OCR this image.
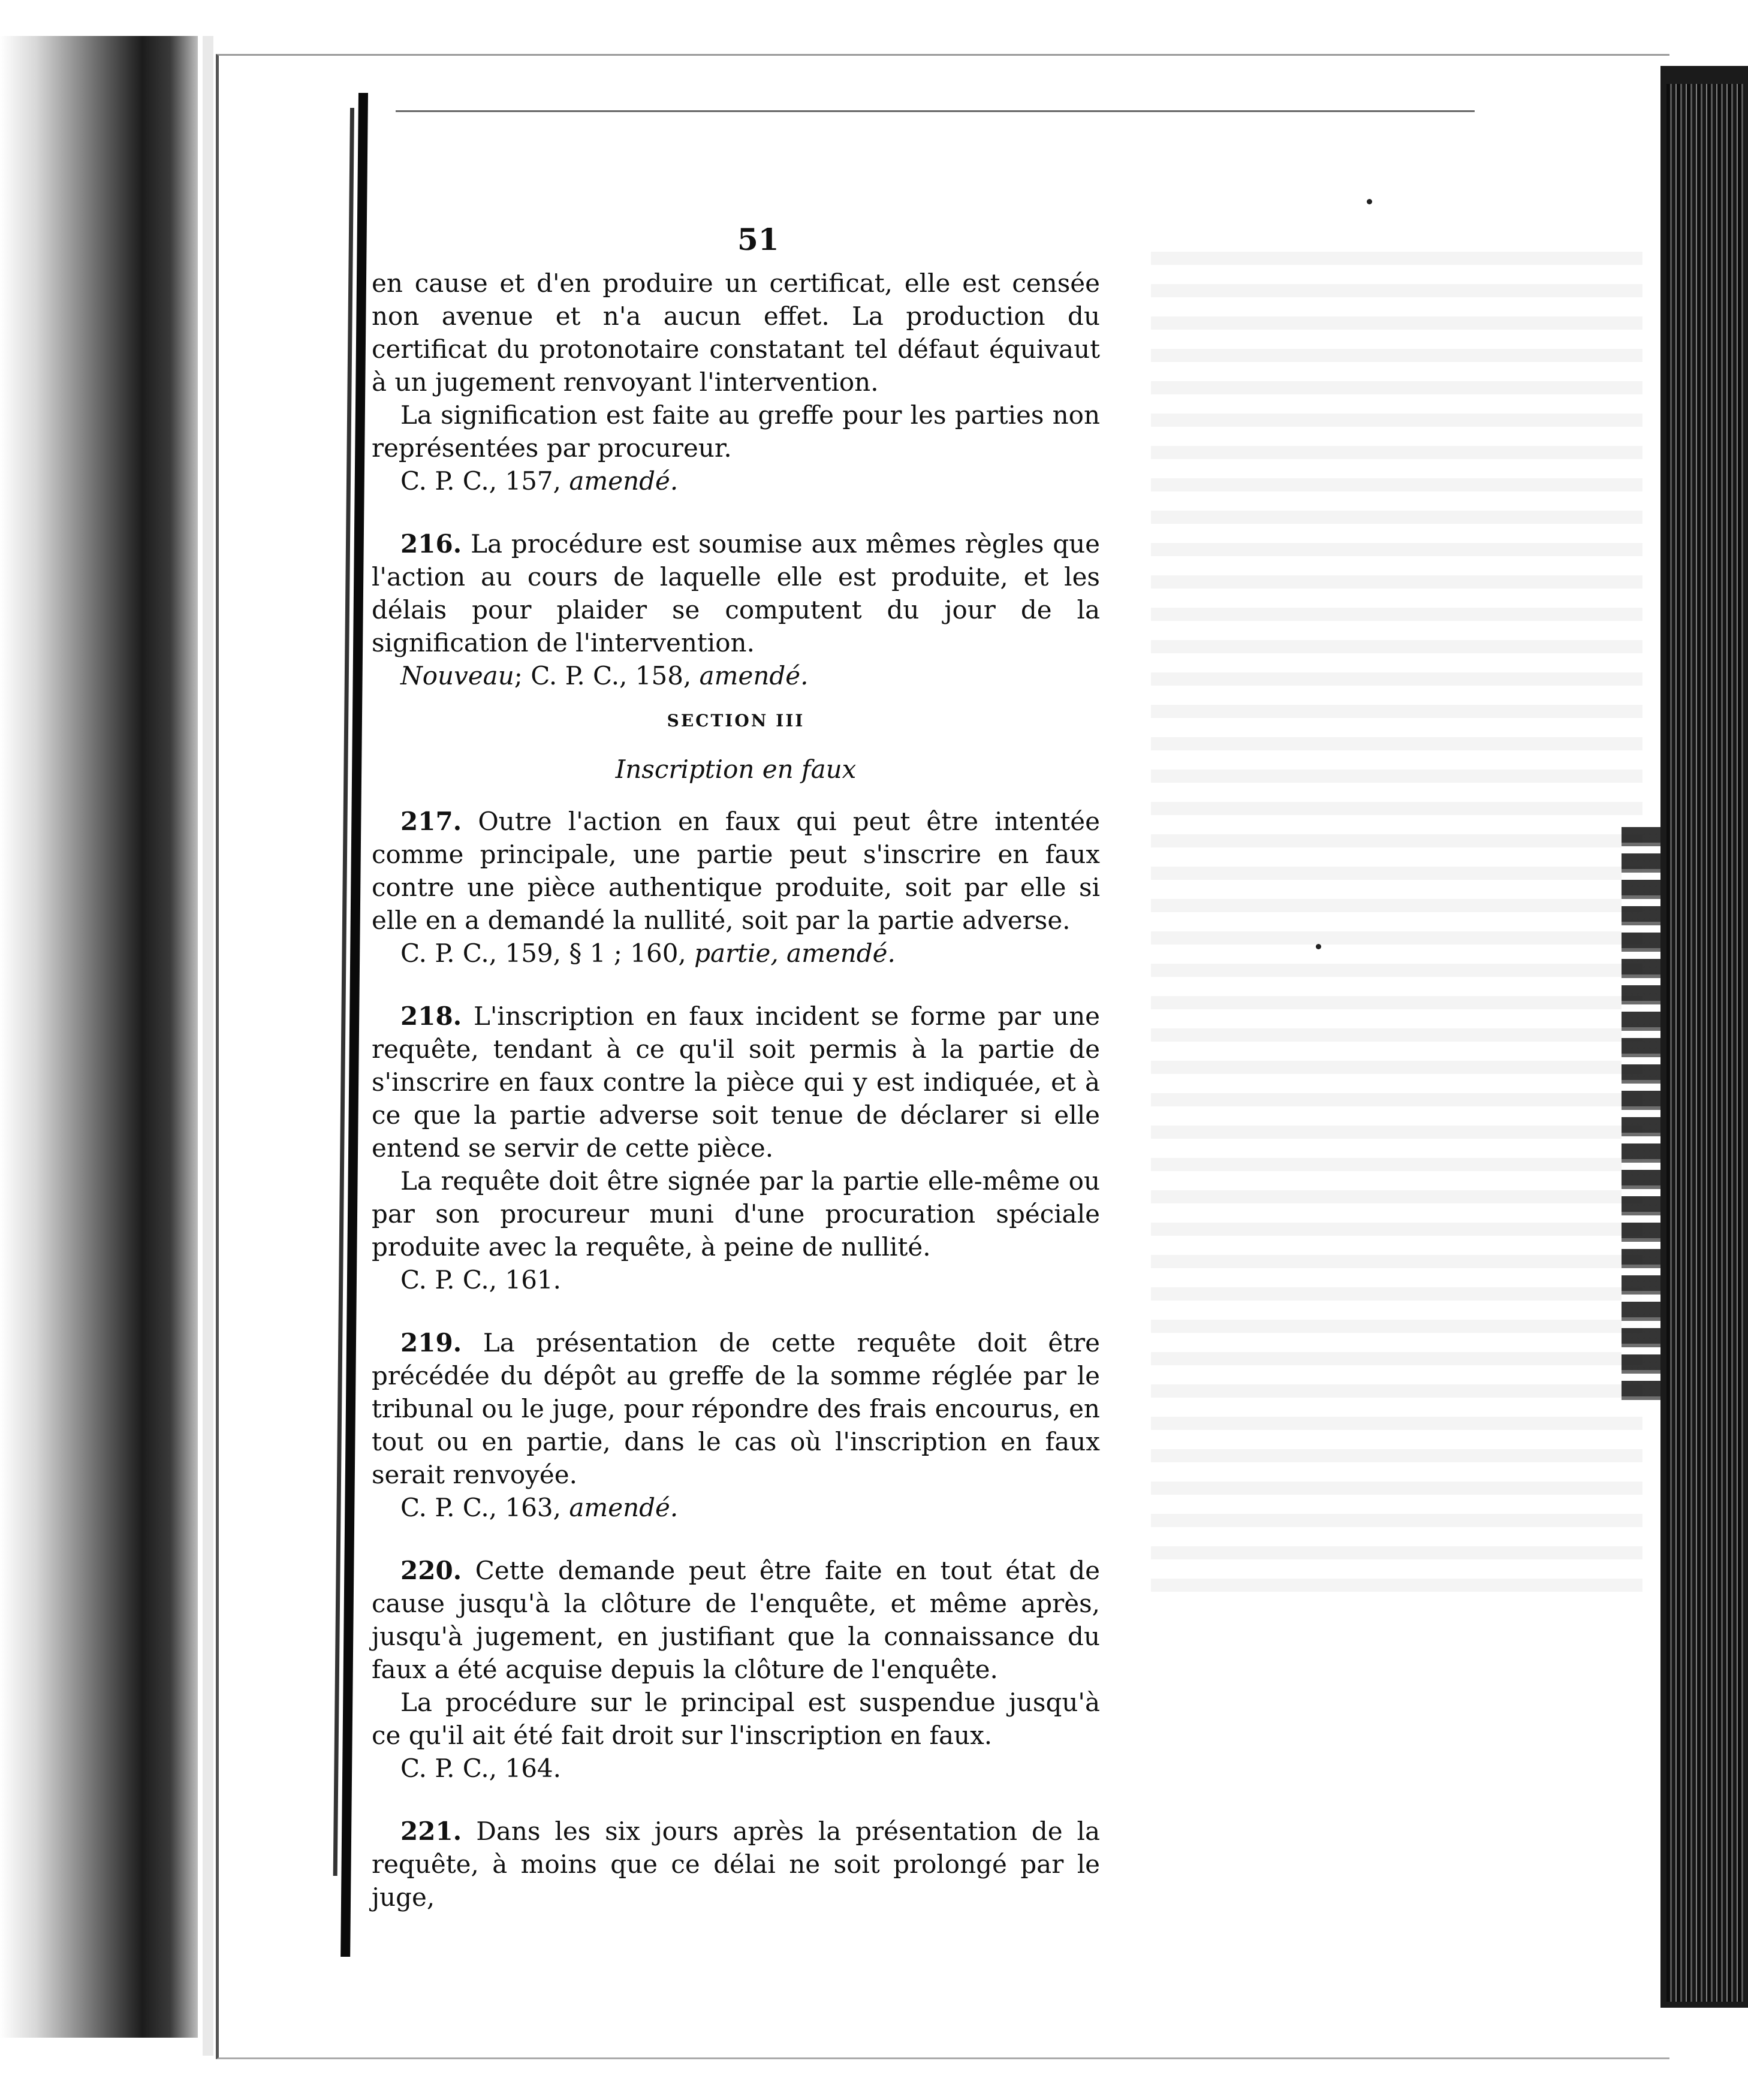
51

en cause et d'en produire un certificat, elle est censée non avenue et n'a aucun effet. La production du certificat du protonotaire constatant tel défaut équivaut à un jugement renvoyant l'intervention.

La signification est faite au greffe pour les parties non représentées par procureur.

C. P. C., 157, amendé.

216. La procédure est soumise aux mêmes règles que l'action au cours de laquelle elle est produite, et les délais pour plaider se computent du jour de la signification de l'intervention.

Nouveau; C. P. C., 158, amendé.

SECTION III
Inscription en faux

217. Outre l'action en faux qui peut être intentée comme principale, une partie peut s'inscrire en faux contre une pièce authentique produite, soit par elle si elle en a demandé la nullité, soit par la partie adverse.

C. P. C., 159, § 1 ; 160, partie, amendé.

218. L'inscription en faux incident se forme par une requête, tendant à ce qu'il soit permis à la partie de s'inscrire en faux contre la pièce qui y est indiquée, et à ce que la partie adverse soit tenue de déclarer si elle entend se servir de cette pièce.

La requête doit être signée par la partie elle-même ou par son procureur muni d'une procuration spéciale produite avec la requête, à peine de nullité.

C. P. C., 161.

219. La présentation de cette requête doit être précédée du dépôt au greffe de la somme réglée par le tribunal ou le juge, pour répondre des frais encourus, en tout ou en partie, dans le cas où l'inscription en faux serait renvoyée.

C. P. C., 163, amendé.

220. Cette demande peut être faite en tout état de cause jusqu'à la clôture de l'enquête, et même après, jusqu'à jugement, en justifiant que la connaissance du faux a été acquise depuis la clôture de l'enquête.

La procédure sur le principal est suspendue jusqu'à ce qu'il ait été fait droit sur l'inscription en faux.

C. P. C., 164.

221. Dans les six jours après la présentation de la requête, à moins que ce délai ne soit prolongé par le juge,
